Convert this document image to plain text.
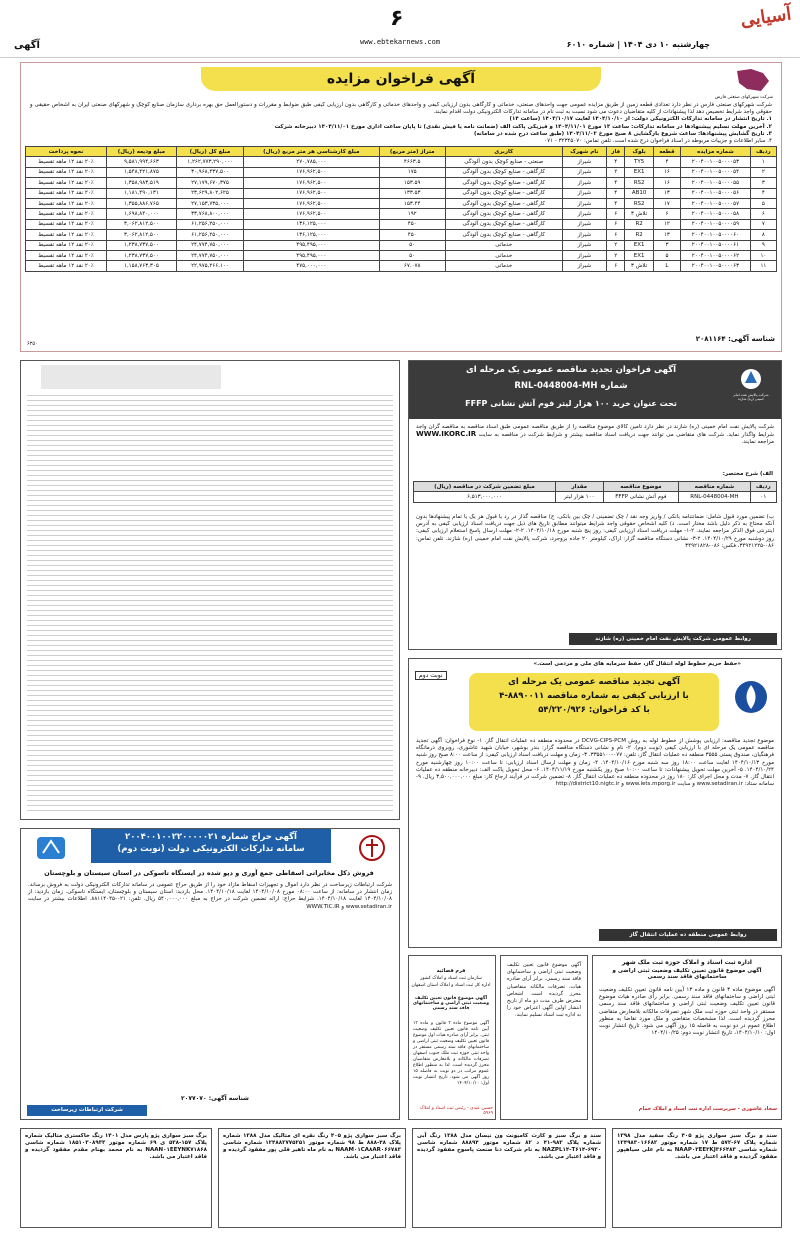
آسیایی
۶
www.ebtekarnews.com	چهارشنبه ۱۰ دی ۱۴۰۴ | شماره ۶۰۱۰
آگهی
آگهی فراخوان مزایده
شرکت شهرکهای صنعتی فارس
شرکت شهرکهای صنعتی فارس در نظر دارد تعدادی قطعه زمین از طریق مزایده عمومی جهت واحدهای صنعتی، خدماتی و کارگاهی بدون ارزیابی کیفی و واحدهای خدماتی و کارگاهی بدون ارزیابی کیفی طبق ضوابط و مقررات و دستورالعمل حق بهره برداری سازمان صنایع کوچک و شهرکهای صنعتی ایران به اشخاص حقیقی و حقوقی واجد شرایط تخصیص دهد لذا پیشنهادات از کلیه متقاضیان دعوت می شود نسبت به ثبت نام در سامانه تدارکات الکترونیکی دولت اقدام نمایند.
۱. تاریخ انتشار در سامانه تدارکات الکترونیکی دولت: از ۱۴۰۴/۱۰/۱۰ لغایت ۱۴۰۴/۱۰/۱۷ (ساعت ۱۴)
۲. آخرین مهلت تسلیم پیشنهادها در سامانه تدارکات: ساعت ۱۳ مورخ ۱۴۰۴/۱۱/۰۱ و فیزیکی پاکت الف (ضمانت نامه یا فیش نقدی) تا پایان ساعت اداری مورخ ۱۴۰۴/۱۱/۰۱ دبیرخانه شرکت
۳. تاریخ گشایش پیشنهادها: ساعت شروع بازگشایی ۸ صبح مورخ ۱۴۰۴/۱۱/۰۲ (طبق ساعت درج شده در سامانه)
۴. سایر اطلاعات و جزییات مربوطه در اسناد فراخوان درج شده است. تلفن تماس: ۳۲۳۴۵۰۷۰ - ۰۷۱
ردیف	شماره مزایده	قطعه	بلوک	فاز	نام شهرک	کاربری	متراژ (متر مربع)	مبلغ کارشناسی هر متر مربع (ریال)	مبلغ کل (ریال)	مبلغ ودیعه (ریال)	نحوه پرداخت
۱	۲۰۰۴۰۰۱۰۰۵۰۰۰۰۵۳	۴	TY5	۴	شیراز	صنعتی - صنایع کوچک بدون آلودگی	۴۶۶۳.۵	۲۷۰,۷۸۵,۰۰۰	۱,۲۶۲,۷۷۳,۲۹۰,۰۰۰	۹,۵۸۱,۹۹۴,۶۶۳	۲۰٪ نقد ۱۲ ماهه تقسیط
۲	۲۰۰۴۰۰۱۰۰۵۰۰۰۰۵۴	۱۶	EX1	۲	شیراز	کارگاهی - صنایع کوچک بدون آلودگی	۱۷۵	۱۷۶,۹۶۲,۵۰۰	۳۰,۹۶۸,۴۳۷,۵۰۰	۱,۵۴۸,۴۲۱,۸۷۵	۲۰٪ نقد ۱۲ ماهه تقسیط
۳	۲۰۰۴۰۰۱۰۰۵۰۰۰۰۵۵	۱۶	RS2	۴	شیراز	کارگاهی - صنایع کوچک بدون آلودگی	۱۵۳.۵۹	۱۷۶,۹۶۲,۵۰۰	۲۷,۱۷۹,۶۷۰,۳۷۵	۱,۳۵۸,۹۸۳,۵۱۹	۲۰٪ نقد ۱۲ ماهه تقسیط
۴	۲۰۰۴۰۰۱۰۰۵۰۰۰۰۵۶	۱۳	AB10	۴	شیراز	کارگاهی - صنایع کوچک بدون آلودگی	۱۳۳.۵۳	۱۷۶,۹۶۲,۵۰۰	۲۳,۶۲۹,۸۰۲,۶۲۵	۱,۱۸۱,۴۹۰,۱۳۱	۲۰٪ نقد ۱۲ ماهه تقسیط
۵	۲۰۰۴۰۰۱۰۰۵۰۰۰۰۵۷	۱۷	RS2	۴	شیراز	کارگاهی - صنایع کوچک بدون آلودگی	۱۵۳.۴۴	۱۷۶,۹۶۲,۵۰۰	۲۷,۱۵۳,۷۳۵,۰۰۰	۱,۳۵۵,۸۸۶,۷۶۵	۲۰٪ نقد ۱۲ ماهه تقسیط
۶	۲۰۰۴۰۰۱۰۰۵۰۰۰۰۵۸	۶	تلاش ۳	۶	شیراز	کارگاهی - صنایع کوچک بدون آلودگی	۱۹۲	۱۷۶,۹۶۲,۵۰۰	۳۳,۷۶۸,۸۰۰,۰۰۰	۱,۶۹۸,۸۴۰,۰۰۰	۲۰٪ نقد ۱۲ ماهه تقسیط
۷	۲۰۰۴۰۰۱۰۰۵۰۰۰۰۵۹	۱۲	R2	۶	شیراز	کارگاهی - صنایع کوچک بدون آلودگی	۴۵۰	۱۳۶,۱۲۵,۰۰۰	۶۱,۲۵۶,۲۵۰,۰۰۰	۳,۰۶۲,۸۱۲,۵۰۰	۲۰٪ نقد ۱۲ ماهه تقسیط
۸	۲۰۰۴۰۰۱۰۰۵۰۰۰۰۶۰	۱۳	R2	۶	شیراز	کارگاهی - صنایع کوچک بدون آلودگی	۴۵۰	۱۳۶,۱۲۵,۰۰۰	۶۱,۲۵۶,۲۵۰,۰۰۰	۳,۰۶۲,۸۱۲,۵۰۰	۲۰٪ نقد ۱۲ ماهه تقسیط
۹	۲۰۰۴۰۰۱۰۰۵۰۰۰۰۶۱	۳	EX1	۲	شیراز	خدماتی	۵۰	۴۹۵,۴۹۵,۰۰۰	۲۴,۷۷۴,۷۵۰,۰۰۰	۱,۲۳۸,۷۳۷,۵۰۰	۲۰٪ نقد ۱۲ ماهه تقسیط
۱۰	۲۰۰۴۰۰۱۰۰۵۰۰۰۰۶۲	۵	EX1	۲	شیراز	خدماتی	۵۰	۴۹۵,۴۹۵,۰۰۰	۲۴,۷۷۴,۷۵۰,۰۰۰	۱,۲۳۸,۷۳۷,۵۰۰	۲۰٪ نقد ۱۲ ماهه تقسیط
۱۱	۲۰۰۴۰۰۱۰۰۵۰۰۰۰۶۳	L	تلاش ۳	۶	شیراز	خدماتی	۶۷.۰۷۸	۴۷۵,۰۰۰,۰۰۰	۲۲,۹۷۵,۲۶۶,۱۰۰	۱,۱۵۸,۷۶۳,۳۰۵	۲۰٪ نقد ۱۲ ماهه تقسیط
شناسه آگهی: ۲۰۸۱۱۶۴
۶۳۵۰
شرکت پالایش نفت امام خمینی (ره) شازند
آگهی فراخوان تجدید مناقصه عمومی یک مرحله ای
شماره RNL-0448004-MH
تحت عنوان خرید ۱۰۰ هزار لیتر فوم آتش نشانی FFFP
شرکت پالایش نفت امام خمینی (ره) شازند در نظر دارد تامین کالای موضوع مناقصه را از طریق مناقصه عمومی طبق اسناد مناقصه به مناقصه گران واجد شرایط واگذار نماید. شرکت های متقاضی می توانند جهت دریافت اسناد مناقصه بیشتر و شرایط شرکت در مناقصه به سایت WWW.IKORC.IR مراجعه نمایند.
الف) شرح مختصر:
ردیف	شماره مناقصه	موضوع مناقصه	مقدار	مبلغ تضمین شرکت در مناقصه (ریال)
۰۱	RNL-0448004-MH	فوم آتش نشانی FFFP	۱۰۰ هزار لیتر	۶,۵۱۳,۰۰۰,۰۰۰
ب) تضمین مورد قبول شامل: ضمانتنامه بانکی / واریز وجه نقد / چک تضمینی / چک بین بانکی. ج) مناقصه گذار در رد یا قبول هر یک یا تمام پیشنهادها بدون آنکه محتاج به ذکر دلیل باشد مختار است. د) کلیه اشخاص حقوقی واجد شرایط میتوانند مطابق تاریخ های ذیل جهت دریافت اسناد ارزیابی کیفی به آدرس اینترنتی فوق الذکر مراجعه نمایند. ۲-۱- مهلت دریافت اسناد ارزیابی کیفی: روز پنج شنبه مورخ ۱۴۰۴/۱۰/۱۸. ۲-۲- مهلت ارسال پاسخ استعلام ارزیابی کیفی: روز دوشنبه مورخ ۱۴۰۴/۱۰/۲۹. ۲-۳- نشانی دستگاه مناقصه گزار: اراک، کیلومتر ۲۰ جاده بروجرد، شرکت پالایش نفت امام خمینی (ره) شازند. تلفن تماس: ۰۸۶-۳۴۹۲۱۲۲۵، فکس: ۰۸۶-۳۴۹۲۱۸۲۸
روابط عمومی شرکت پالایش نفت امام خمینی (ره) شازند
«حفظ حریم خطوط لوله انتقال گاز، حفظ سرمایه های ملی و مردمی است.»
نوبت دوم
آگهی تجدید مناقصه عمومی یک مرحله ای
با ارزیابی کیفی به شماره مناقصه ۸۸۹۰۰۱۱-۴
با کد فراخوان: ۵۴/۲۲۰/۹۲۶
موضوع تجدید مناقصه: ارزیابی پوشش از خطوط لوله به روش DCVG-CIPS-PCM در محدوده منطقه ده عملیات انتقال گاز. ۱- نوع فراخوان: آگهی تجدید مناقصه عمومی یک مرحله ای با ارزیابی کیفی (نوبت دوم). ۲- نام و نشانی دستگاه مناقصه گزار: بندر بوشهر، خیابان شهید عاشوری، روبروی درمانگاه فرهنگیان، صندوق پستی ۳۵۵۵ منطقه ده عملیات انتقال گاز، تلفن: ۰۷۷-۳۳۵۵۱۰۰. ۳- زمان و مهلت دریافت اسناد ارزیابی کیفی: از ساعت ۸:۰۰ صبح روز شنبه مورخ ۱۴۰۴/۱۰/۱۳ لغایت ساعت ۱۸:۰۰ روز سه شنبه مورخ ۱۴۰۴/۱۰/۱۶. ۴- زمان و مهلت ارسال اسناد ارزیابی: تا ساعت ۱۰:۰۰ روز چهارشنبه مورخ ۱۴۰۴/۱۰/۲۴. ۵- آخرین مهلت تحویل پیشنهادات: تا ساعت ۱۰:۰۰ صبح روز یکشنبه مورخ ۱۴۰۴/۱۱/۱۹. ۶- محل تحویل پاکت الف: دبیرخانه منطقه ده عملیات انتقال گاز. ۷- مدت و محل اجرای کار: ۱۸۰ روز در محدوده منطقه ده عملیات انتقال گاز. ۸- تضمین شرکت در فرآیند ارجاع کار: مبلغ ۳,۵۰۰,۰۰۰,۰۰۰ ریال. ۹- سامانه ستاد: www.setadiran.ir و سایت www.iets.mporg.ir و http://district10.nigtc.ir
روابط عمومی منطقه ده عملیات انتقال گاز
آگهی حراج شماره ۲۰۰۴۰۰۱۰۰۲۲۰۰۰۰۰۲۱
سامانه تدارکات الکترونیکی دولت (نوبت دوم)
فروش دکل مخابراتی اسقاطی جمع آوری و دپو شده در ایستگاه تاسوکی در استان سیستان و بلوچستان
شرکت ارتباطات زیرساخت در نظر دارد اموال و تجهیزات اسقاط مازاد خود را از طریق حراج عمومی در سامانه تدارکات الکترونیکی دولت به فروش برساند. زمان انتشار در سامانه: از ساعت ۰۸:۰۰ مورخ ۱۴۰۴/۱۰/۰۸ لغایت ۱۴۰۴/۱۰/۱۸. محل بازدید: استان سیستان و بلوچستان، ایستگاه تاسوکی. زمان بازدید: از ۱۴۰۴/۱۰/۰۸ لغایت ۱۴۰۴/۱۰/۱۸. شرایط حراج: ارائه تضمین شرکت در حراج به مبلغ ۵۴۰,۰۰۰,۰۰۰ ریال. تلفن: ۰۲۱-۸۸۱۱۴۰۴۵. اطلاعات بیشتر در سایت www.setadiran.ir و WWW.TIC.IR
شناسه آگهی: ۲۰۷۷۰۷۰
شرکت ارتباطات زیرساخت
اداره ثبت اسناد و املاک حوزه ثبت ملک شهر
آگهی موضوع قانون تعیین تکلیف وضعیت ثبتی اراضی و ساختمانهای فاقد سند رسمی
آگهی موضوع ماده ۳ قانون و ماده ۱۳ آیین نامه قانون تعیین تکلیف وضعیت ثبتی اراضی و ساختمانهای فاقد سند رسمی. برابر رأی صادره هیات موضوع قانون تعیین تکلیف وضعیت ثبتی اراضی و ساختمانهای فاقد سند رسمی مستقر در واحد ثبتی حوزه ثبت ملک شهر تصرفات مالکانه بلامعارض متقاضی محرز گردیده است. لذا مشخصات متقاضی و ملک مورد تقاضا به منظور اطلاع عموم در دو نوبت به فاصله ۱۵ روز آگهی می شود. تاریخ انتشار نوبت اول: ۱۴۰۴/۱۰/۱۰، تاریخ انتشار نوبت دوم: ۱۴۰۴/۱۰/۲۵
سجاد عاشوری - سرپرست اداره ثبت اسناد و املاک خمام
آگهی موضوع قانون تعیین تکلیف وضعیت ثبتی اراضی و ساختمانهای فاقد سند رسمی. برابر آرای صادره هیات، تصرفات مالکانه متقاضیان محرز گردیده است. اشخاص معترض ظرف مدت دو ماه از تاریخ انتشار اولین آگهی اعتراض خود را به اداره ثبت اسناد تسلیم نمایند.
فرم قضائیه
سازمان ثبت اسناد و املاک کشور
اداره کل ثبت اسناد و املاک استان اصفهان
آگهی موضوع قانون تعیین تکلیف وضعیت ثبتی اراضی و ساختمانهای فاقد سند رسمی
آگهی موضوع ماده ۳ قانون و ماده ۱۳ آیین نامه قانون تعیین تکلیف وضعیت ثبتی. برابر آرای صادره هیات اول موضوع قانون تعیین تکلیف وضعیت ثبتی اراضی و ساختمانهای فاقد سند رسمی مستقر در واحد ثبتی حوزه ثبت ملک جنوب اصفهان تصرفات مالکانه و بلامعارض متقاضیان محرز گردیده است. لذا به منظور اطلاع عموم مراتب در دو نوبت به فاصله ۱۵ روز آگهی می شود. تاریخ انتشار نوبت اول: ۱۴۰۴/۱۰/۱۰
حسین عیدی - رئیس ثبت اسناد و املاک ۵۹۶۹
سند و برگ سبز سواری پژو ۴۰۵ رنگ سفید مدل ۱۳۹۸ شماره پلاک ۶۷-۵۷۲ ط ۱۷ شماره موتور ۱۲۴۹۸۳۰۱۶۶۸۲ شماره شاسی NAAP۰۳EE۳KJ۳۶۶۴۸۳ به نام علی سیاهپور مفقود گردیده و فاقد اعتبار می باشد.
سند و برگ سبز و کارت کامیونت ون نیسان مدل ۱۳۸۸ رنگ آبی شماره پلاک ۹۸۳-۴۱ د ۸۲ شماره موتور ۸۸۸۹۴ شماره شاسی NAZPL۱۴-T۶۱۴-۶۹۲۰ به نام شرکت دنا صنعت پاسوج مفقود گردیده و فاقد اعتبار می باشد.
برگ سبز سواری پژو ۴۰۵ رنگ نقره ای متالیک مدل ۱۳۸۸ شماره پلاک ۴۸-۸۸۸ ط ۹۸ شماره موتور ۱۲۴۸۸۲۷۷۵۲۵۱ شماره شاسی NAAM۰۱CA۸AR۰۶۶۷۸۳ به نام ماه تاهیر قلی پور مفقود گردیده و فاقد اعتبار می باشد.
برگ سبز سواری پژو پارس مدل ۱۴۰۱ رنگ خاکستری متالیک شماره پلاک ۱۵۷-۵۳۸ ی ۶۹ شماره موتور ۱۸۵۱۰۳۰۸۹۳۳ شماره شاسی NAAN۰۱EEYNK۷۱۸۶۸ به نام محمد بهنام مقدم مفقود گردیده و فاقد اعتبار می باشد.
